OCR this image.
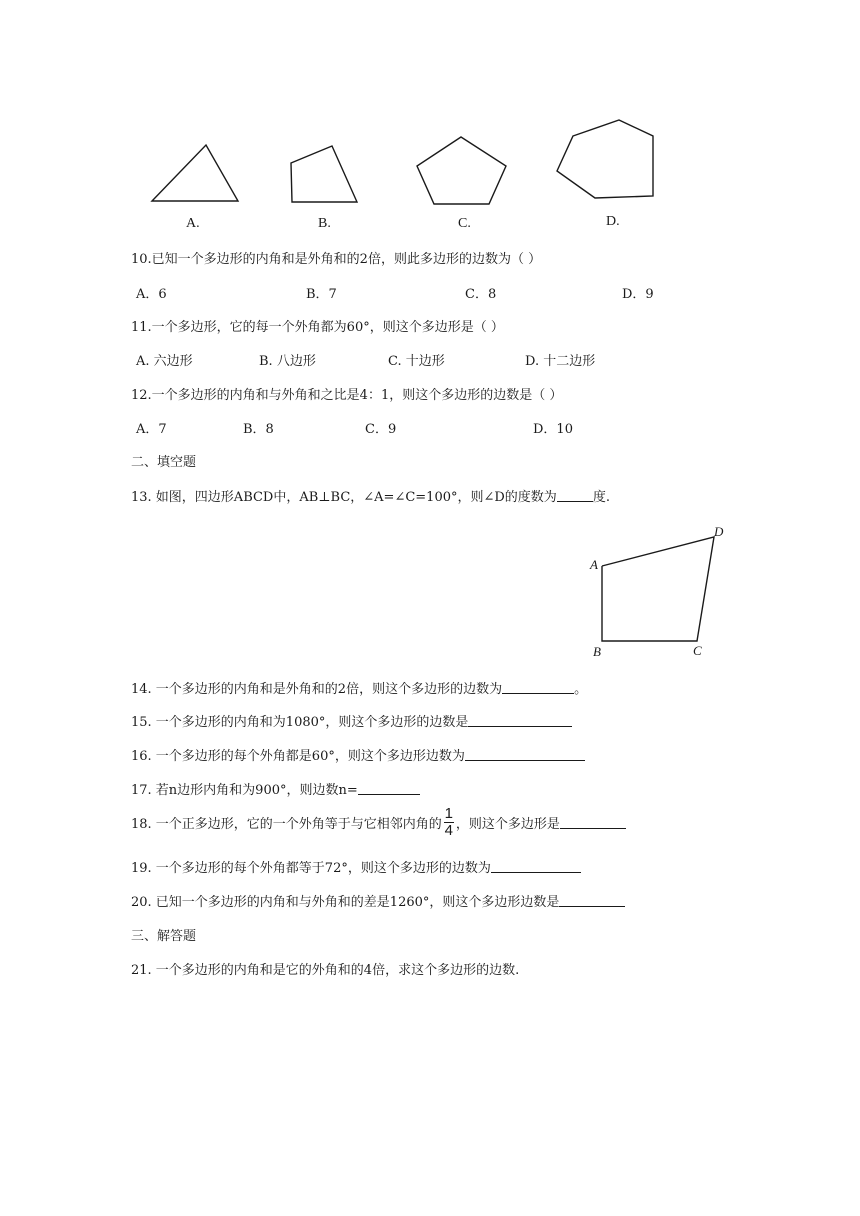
A.	B.	C.	D.
10.已知一个多边形的内角和是外角和的2倍，则此多边形的边数为（ ）
A．6	B．7	C．8	D．9
11.一个多边形，它的每一个外角都为60°，则这个多边形是（ ）
A. 六边形	B. 八边形	C. 十边形	D. 十二边形
12.一个多边形的内角和与外角和之比是4：1，则这个多边形的边数是（ ）
A．7	B．8	C．9	D．10
二、填空题
13. 如图，四边形ABCD中，AB⊥BC，∠A=∠C=100°，则∠D的度数为	度.
A
B	C
D
14. 一个多边形的内角和是外角和的2倍，则这个多边形的边数为	。
15. 一个多边形的内角和为1080°，则这个多边形的边数是
16. 一个多边形的每个外角都是60°，则这个多边形边数为
17. 若n边形内角和为900°，则边数n=
18. 一个正多边形，它的一个外角等于与它相邻内角的 $\frac{1}{4}$ ，则这个多边形是
19. 一个多边形的每个外角都等于72°，则这个多边形的边数为
20. 已知一个多边形的内角和与外角和的差是1260°，则这个多边形边数是
三、解答题
21. 一个多边形的内角和是它的外角和的4倍，求这个多边形的边数.
